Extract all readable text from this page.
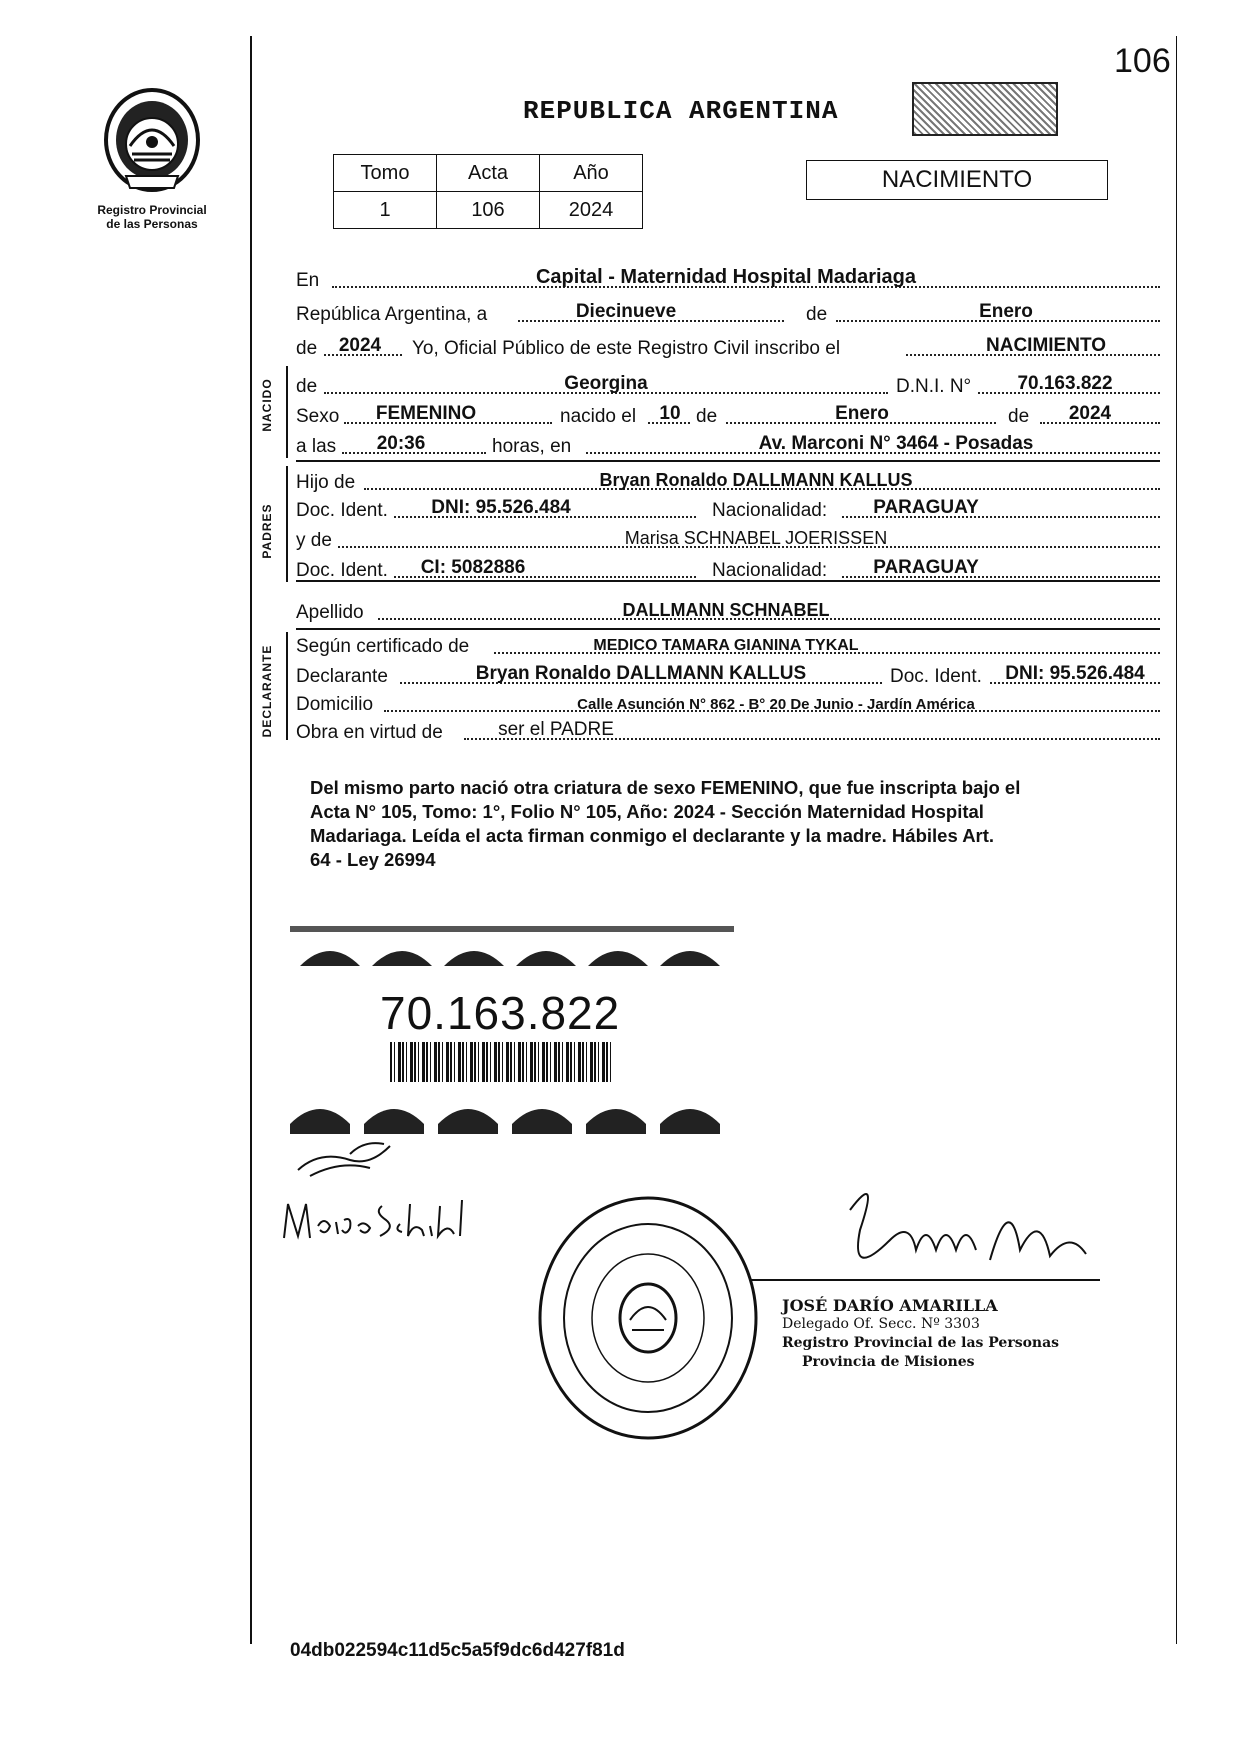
106
Registro Provincial
de las Personas
REPUBLICA ARGENTINA
Tomo	Acta	Año
1	106	2024
NACIMIENTO
En	Capital - Maternidad Hospital Madariaga
República Argentina, a	Diecinueve	de	Enero
de	2024	Yo, Oficial Público de este Registro Civil inscribo el	NACIMIENTO
NACIDO de	Georgina	D.N.I. N°	70.163.822
Sexo	FEMENINO	nacido el	10 de	Enero	de	2024
a las	20:36	horas, en	Av. Marconi N° 3464 - Posadas
PADRES
Hijo de	Bryan Ronaldo DALLMANN KALLUS
Doc. Ident.	DNI: 95.526.484	Nacionalidad:	PARAGUAY
y de	Marisa SCHNABEL JOERISSEN
Doc. Ident.	CI: 5082886	Nacionalidad:	PARAGUAY
Apellido	DALLMANN SCHNABEL
DECLARANTE Según certificado de	MEDICO TAMARA GIANINA TYKAL
Declarante	Bryan Ronaldo DALLMANN KALLUS	Doc. Ident.	DNI: 95.526.484
Domicilio	Calle Asunción N° 862 - B° 20 De Junio - Jardín América
Obra en virtud de	ser el PADRE
Del mismo parto nació otra criatura de sexo FEMENINO, que fue inscripta bajo el
Acta N° 105, Tomo: 1°, Folio N° 105, Año: 2024 - Sección Maternidad Hospital
Madariaga. Leída el acta firman conmigo el declarante y la madre. Hábiles Art.
64 - Ley 26994
70.163.822
JOSÉ DARÍO AMARILLA
Delegado Of. Secc. Nº 3303
Registro Provincial de las Personas
Provincia de Misiones
04db022594c11d5c5a5f9dc6d427f81d
